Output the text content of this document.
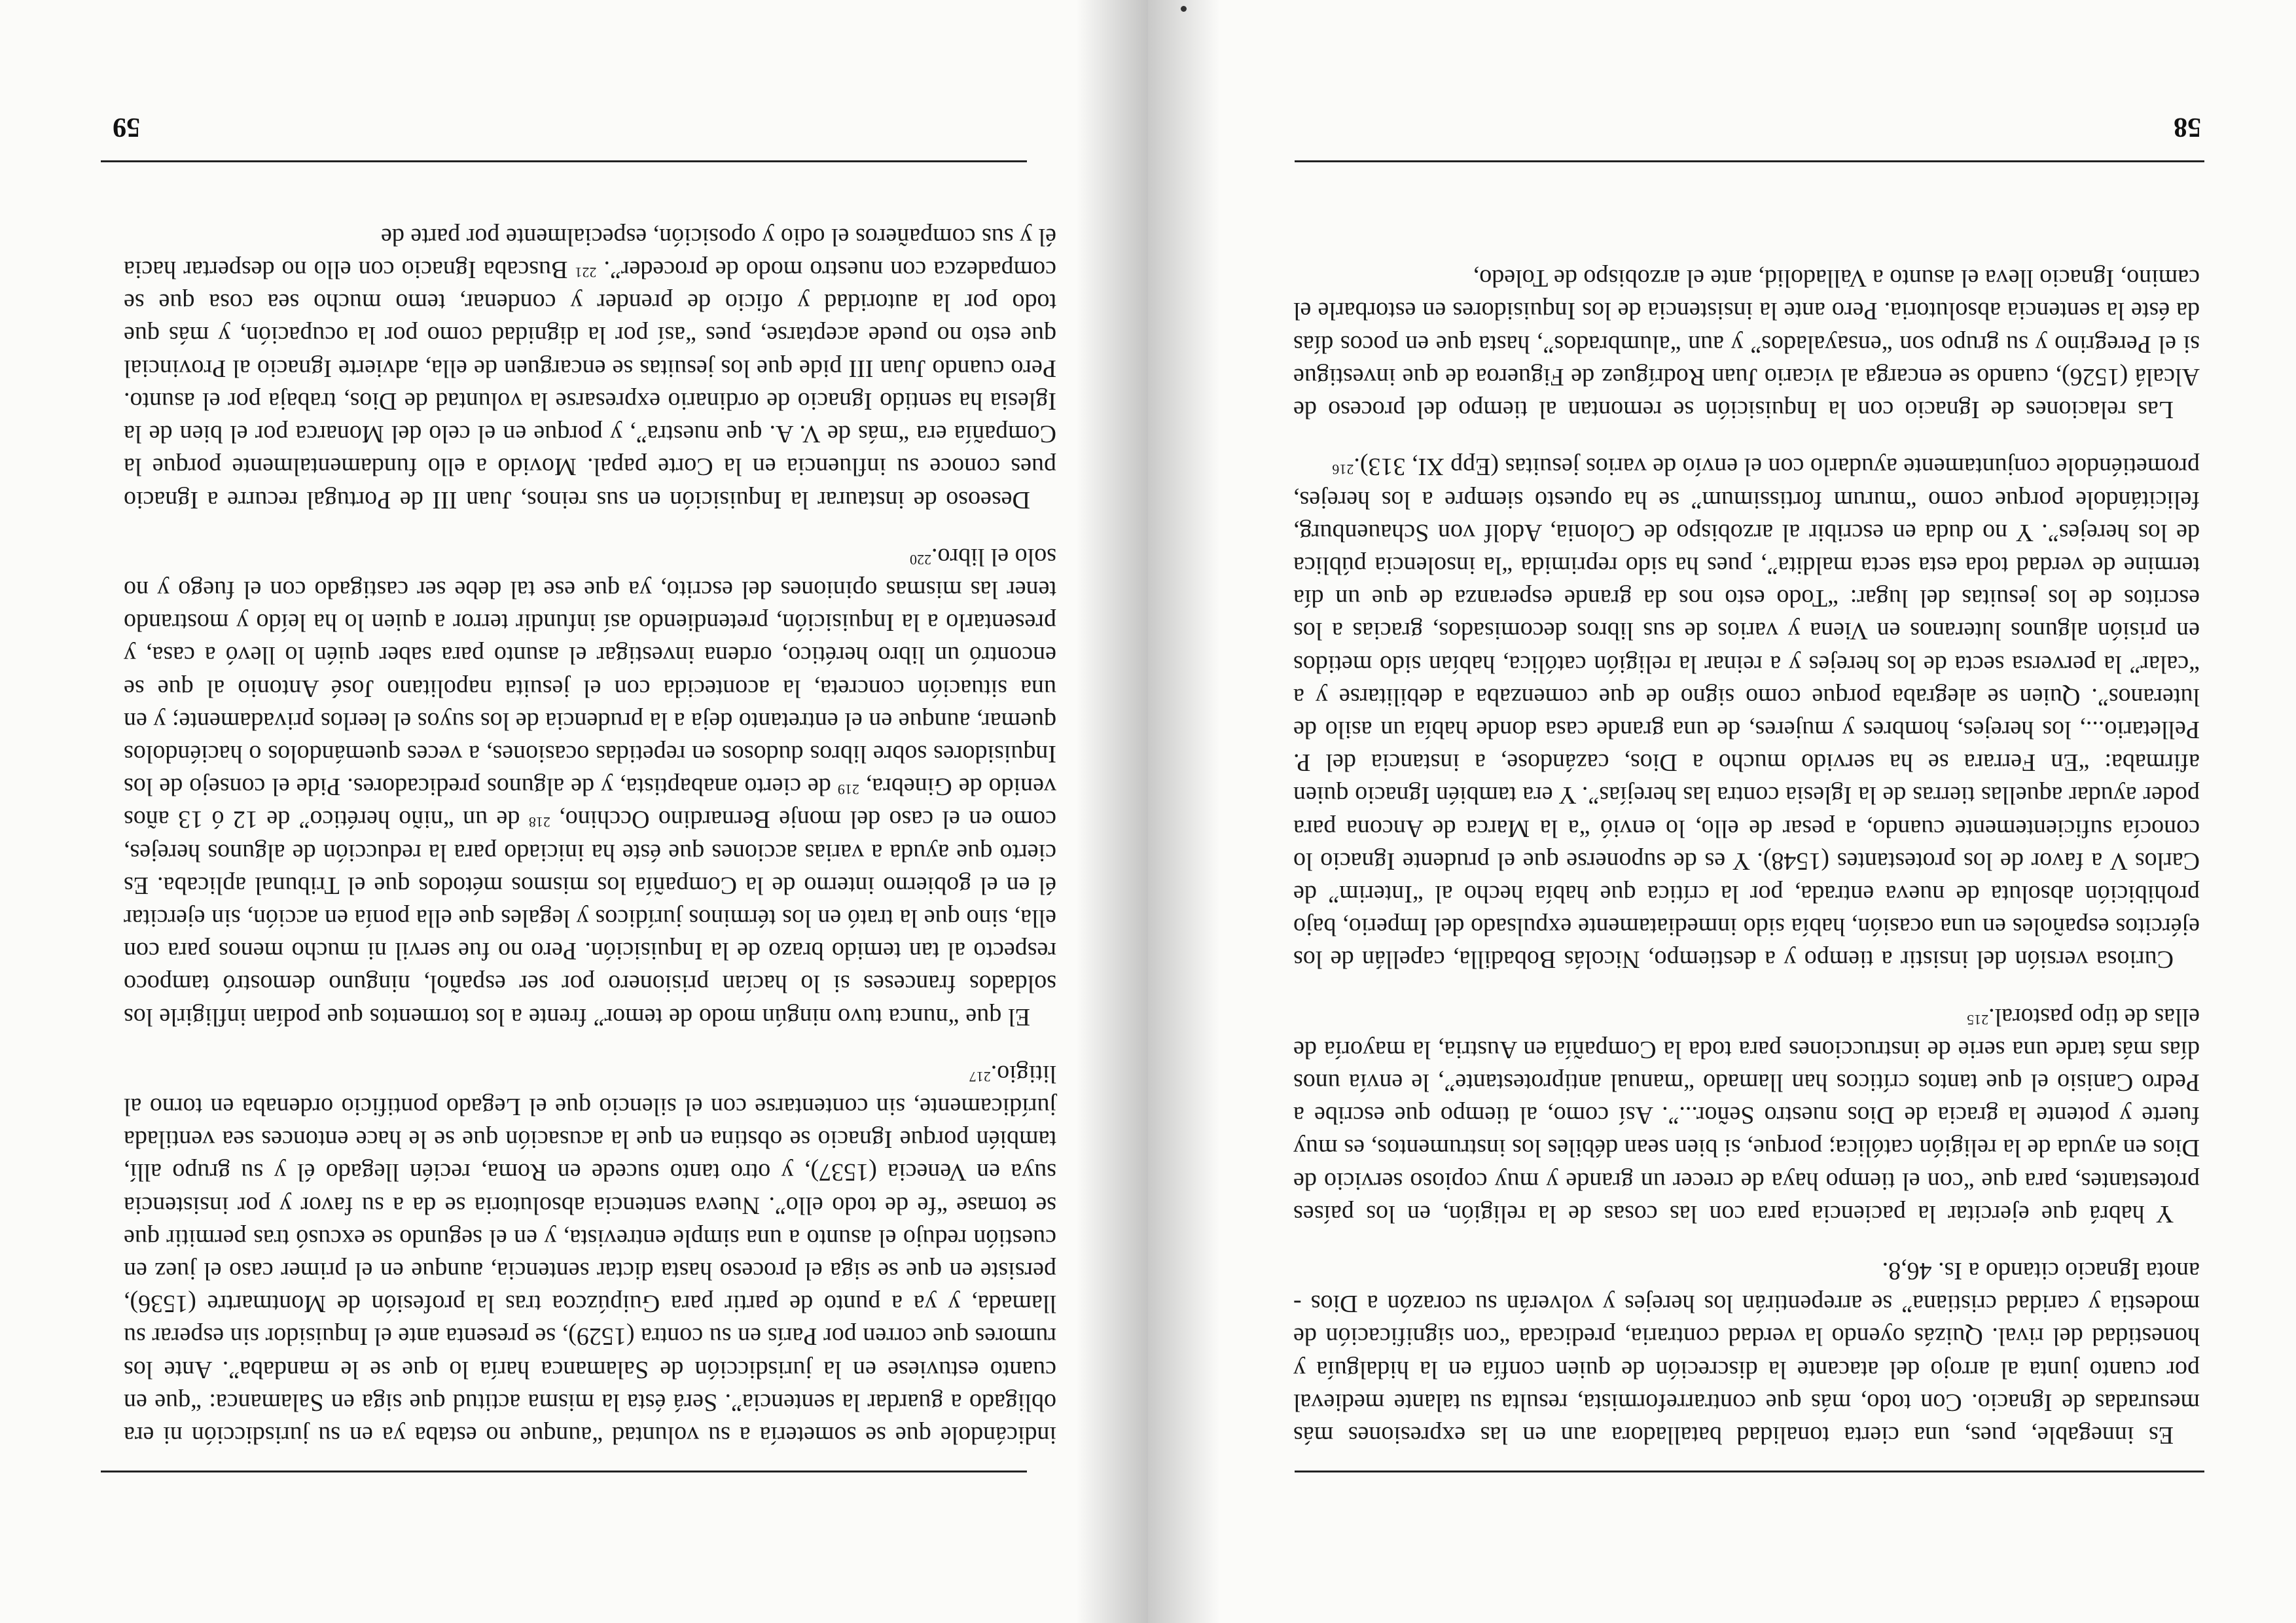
Es innegable, pues, una cierta tonalidad batalladora aun en las expresiones más mesuradas de Ignacio. Con todo, más que contrarreformista, resulta su talante medieval por cuanto junta al arrojo del atacante la discreción de quien confía en la hidalguía y honestidad del rival. Quizás oyendo la verdad contraria, predicada “con significación de modestia y caridad cristiana” se arrepentirán los herejes y volverán su corazón a Dios - anota Ignacio citando a Is. 46,8.

Y habrá que ejercitar la paciencia para con las cosas de la religión, en los países protestantes, para que “con el tiempo haya de crecer un grande y muy copioso servicio de Dios en ayuda de la religión católica; porque, si bien sean débiles los instrumentos, es muy fuerte y potente la gracia de Dios nuestro Señor...”. Así como, al tiempo que escribe a Pedro Canisio el que tantos críticos han llamado “manual antiprotestante”, le envía unos días más tarde una serie de instrucciones para toda la Compañía en Austria, la mayoría de ellas de tipo pastoral.$^{215}$

Curiosa versión del insistir a tiempo y a destiempo, Nicolás Bobadilla, capellán de los ejércitos españoles en una ocasión, había sido inmediatamente expulsado del Imperio, bajo prohibición absoluta de nueva entrada, por la crítica que había hecho al “Interim” de Carlos V a favor de los protestantes (1548). Y es de suponerse que el prudente Ignacio lo conocía suficientemente cuando, a pesar de ello, lo envió “a la Marca de Ancona para poder ayudar aquellas tierras de la Iglesia contra las herejías”. Y era también Ignacio quien afirmaba: “En Ferrara se ha servido mucho a Dios, cazándose, a instancia del P. Pelletario..., los herejes, hombres y mujeres, de una grande casa donde había un asilo de luteranos”. Quien se alegraba porque como signo de que comenzaba a debilitarse y a “calar” la perversa secta de los herejes y a reinar la religión católica, habían sido metidos en prisión algunos luteranos en Viena y varios de sus libros decomisados, gracias a los escritos de los jesuitas del lugar: “Todo esto nos da grande esperanza de que un día termine de verdad toda esta secta maldita”, pues ha sido reprimida “la insolencia pública de los herejes”. Y no duda en escribir al arzobispo de Colonia, Adolf von Schauenburg, felicitándole porque como “murum fortissimum” se ha opuesto siempre a los herejes, prometiéndole conjuntamente ayudarlo con el envío de varios jesuitas (Epp XI, 313).$^{216}$

Las relaciones de Ignacio con la Inquisición se remontan al tiempo del proceso de Alcalá (1526), cuando se encarga al vicario Juan Rodríguez de Figueroa de que investigue si el Peregrino y su grupo son “ensayalados” y aun “alumbrados”, hasta que en pocos días da éste la sentencia absolutoria. Pero ante la insistencia de los Inquisidores en estorbarle el camino, Ignacio lleva el asunto a Valladolid, ante el arzobispo de Toledo,

58

indicándole que se sometería a su voluntad “aunque no estaba ya en su jurisdicción ni era obligado a guardar la sentencia”. Será ésta la misma actitud que siga en Salamanca: “que en cuanto estuviese en la jurisdicción de Salamanca haría lo que se le mandaba”. Ante los rumores que corren por París en su contra (1529), se presenta ante el Inquisidor sin esperar su llamada, y ya a punto de partir para Guipúzcoa tras la profesión de Montmartre (1536), persiste en que se siga el proceso hasta dictar sentencia, aunque en el primer caso el juez en cuestión redujo el asunto a una simple entrevista, y en el segundo se excusó tras permitir que se tomase “fe de todo ello”. Nueva sentencia absolutoria se da a su favor y por insistencia suya en Venecia (1537), y otro tanto sucede en Roma, recién llegado él y su grupo allí, también porque Ignacio se obstina en que la acusación que se le hace entonces sea ventilada jurídicamente, sin contentarse con el silencio que el Legado pontificio ordenaba en torno al litigio.$^{217}$

El que “nunca tuvo ningún modo de temor” frente a los tormentos que podían infligirle los soldados franceses si lo hacían prisionero por ser español, ninguno demostró tampoco respecto al tan temido brazo de la Inquisición. Pero no fue servil ni mucho menos para con ella, sino que la trató en los términos jurídicos y legales que ella ponía en acción, sin ejercitar él en el gobierno interno de la Compañía los mismos métodos que el Tribunal aplicaba. Es cierto que ayuda a varias acciones que éste ha iniciado para la reducción de algunos herejes, como en el caso del monje Bernardino Occhino, $^{218}$ de un “niño herético” de 12 ó 13 años venido de Ginebra, $^{219}$ de cierto anabaptista, y de algunos predicadores. Pide el consejo de los Inquisidores sobre libros dudosos en repetidas ocasiones, a veces quemándolos o haciéndolos quemar, aunque en el entretanto deja a la prudencia de los suyos el leerlos privadamente; y en una situación concreta, la acontecida con el jesuita napolitano José Antonio al que se encontró un libro herético, ordena investigar el asunto para saber quién lo llevó a casa, y presentarlo a la Inquisición, pretendiendo así infundir terror a quien lo ha leído y mostrando tener las mismas opiniones del escrito, ya que ese tal debe ser castigado con el fuego y no solo el libro.$^{220}$

Deseoso de instaurar la Inquisición en sus reinos, Juan III de Portugal recurre a Ignacio pues conoce su influencia en la Corte papal. Movido a ello fundamentalmente porque la Compañía era “más de V. A. que nuestra”, y porque en el celo del Monarca por el bien de la Iglesia ha sentido Ignacio de ordinario expresarse la voluntad de Dios, trabaja por el asunto. Pero cuando Juan III pide que los jesuitas se encarguen de ella, advierte Ignacio al Provincial que esto no puede aceptarse, pues “así por la dignidad como por la ocupación, y más que todo por la autoridad y oficio de prender y condenar, temo mucho sea cosa que se compadezca con nuestro modo de proceder”. $^{221}$ Buscaba Ignacio con ello no despertar hacia él y sus compañeros el odio y oposición, especialmente por parte de

59
